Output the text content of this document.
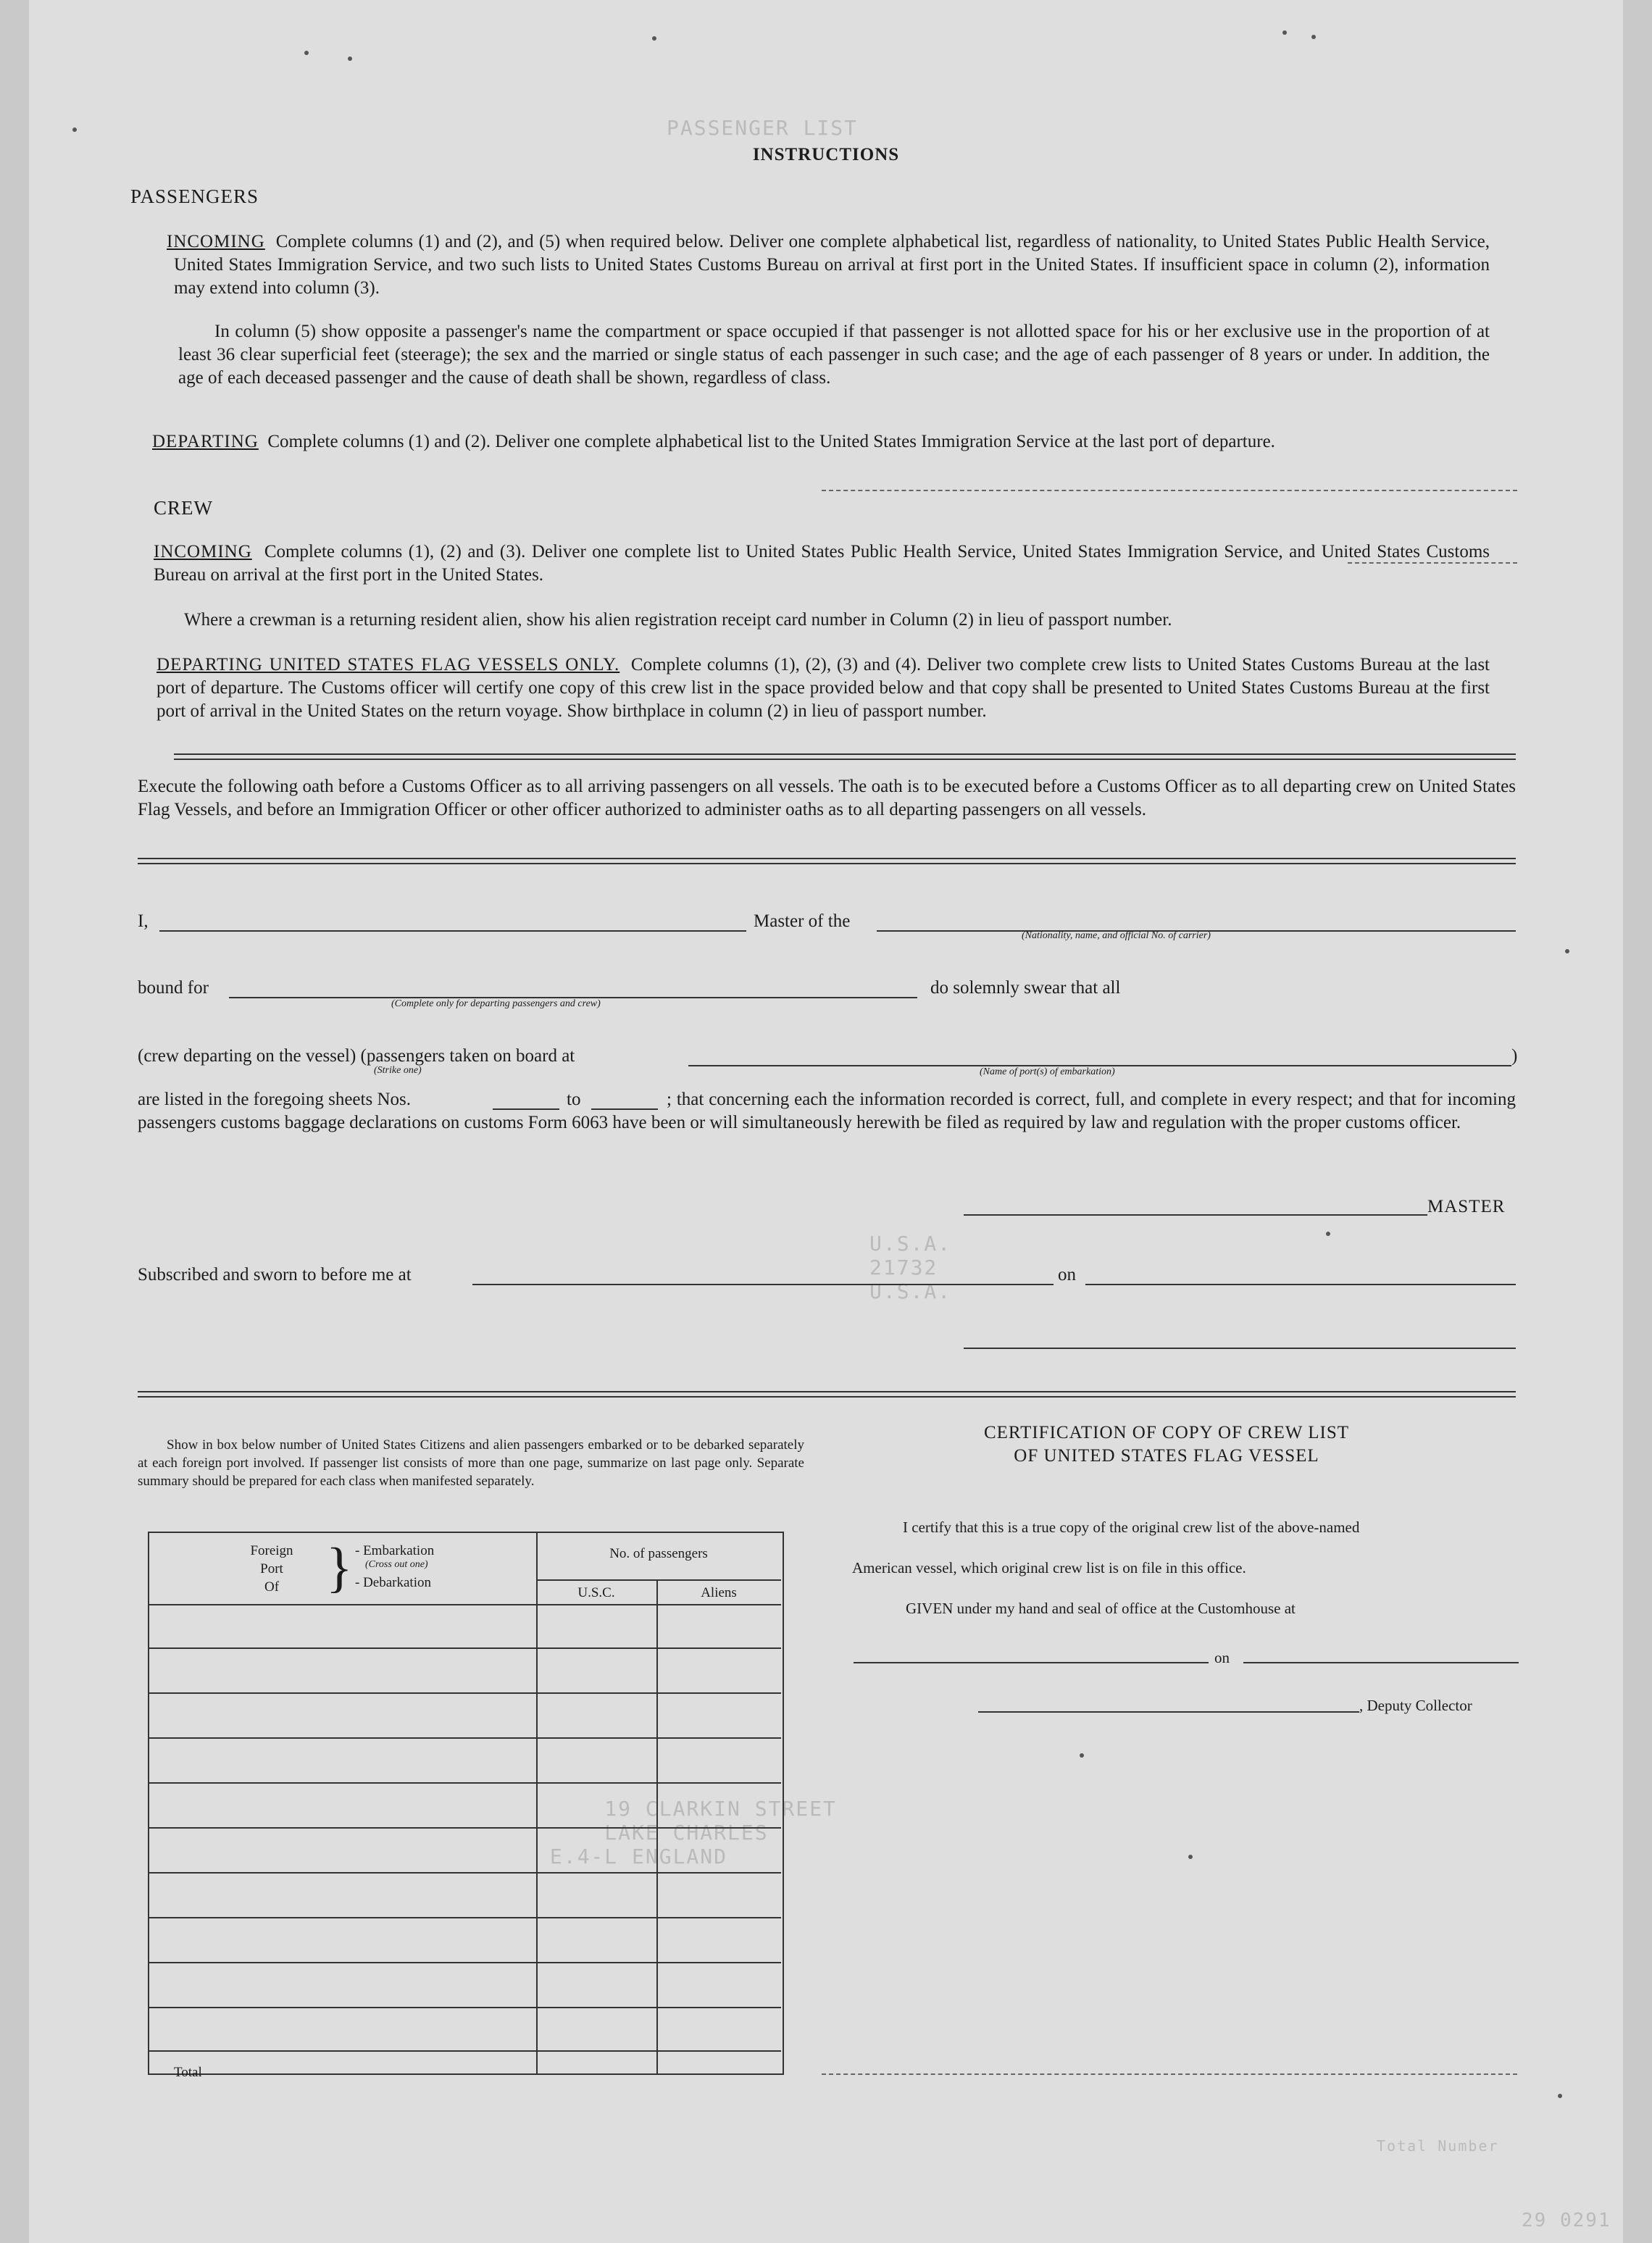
PASSENGER LIST
U.S.A.
21732
U.S.A.
19 CLARKIN STREET
LAKE CHARLES
E.4-L ENGLAND
Total Number
29 0291
INSTRUCTIONS
PASSENGERS
INCOMING Complete columns (1) and (2), and (5) when required below. Deliver one complete alphabetical list, regardless of nationality, to United States Public Health Service, United States Immigration Service, and two such lists to United States Customs Bureau on arrival at first port in the United States. If insufficient space in column (2), information may extend into column (3).
In column (5) show opposite a passenger's name the compartment or space occupied if that passenger is not allotted space for his or her exclusive use in the proportion of at least 36 clear superficial feet (steerage); the sex and the married or single status of each passenger in such case; and the age of each passenger of 8 years or under. In addition, the age of each deceased passenger and the cause of death shall be shown, regardless of class.
DEPARTING Complete columns (1) and (2). Deliver one complete alphabetical list to the United States Immigration Service at the last port of departure.
CREW
INCOMING Complete columns (1), (2) and (3). Deliver one complete list to United States Public Health Service, United States Immigration Service, and United States Customs Bureau on arrival at the first port in the United States.
Where a crewman is a returning resident alien, show his alien registration receipt card number in Column (2) in lieu of passport number.
DEPARTING UNITED STATES FLAG VESSELS ONLY. Complete columns (1), (2), (3) and (4). Deliver two complete crew lists to United States Customs Bureau at the last port of departure. The Customs officer will certify one copy of this crew list in the space provided below and that copy shall be presented to United States Customs Bureau at the first port of arrival in the United States on the return voyage. Show birthplace in column (2) in lieu of passport number.
Execute the following oath before a Customs Officer as to all arriving passengers on all vessels. The oath is to be executed before a Customs Officer as to all departing crew on United States Flag Vessels, and before an Immigration Officer or other officer authorized to administer oaths as to all departing passengers on all vessels.
I,	Master of the
(Nationality, name, and official No. of carrier)
bound for
(Complete only for departing passengers and crew)
do solemnly swear that all
(crew departing on the vessel) (passengers taken on board at
(Strike one)	(Name of port(s) of embarkation)
)
are listed in the foregoing sheets Nos.	to	; that concerning each the information recorded is correct, full, and complete in every respect; and that for incoming passengers customs baggage declarations on customs Form 6063 have been or will simultaneously herewith be filed as required by law and regulation with the proper customs officer.
MASTER
Subscribed and sworn to before me at	on
Show in box below number of United States Citizens and alien passengers embarked or to be debarked separately at each foreign port involved. If passenger list consists of more than one page, summarize on last page only. Separate summary should be prepared for each class when manifested separately.
Foreign
Port
Of } - Embarkation
(Cross out one)
- Debarkation
No. of passengers
U.S.C.	Aliens
Total
CERTIFICATION OF COPY OF CREW LIST
OF UNITED STATES FLAG VESSEL
I certify that this is a true copy of the original crew list of the above-named
American vessel, which original crew list is on file in this office.
GIVEN under my hand and seal of office at the Customhouse at
on
, Deputy Collector
